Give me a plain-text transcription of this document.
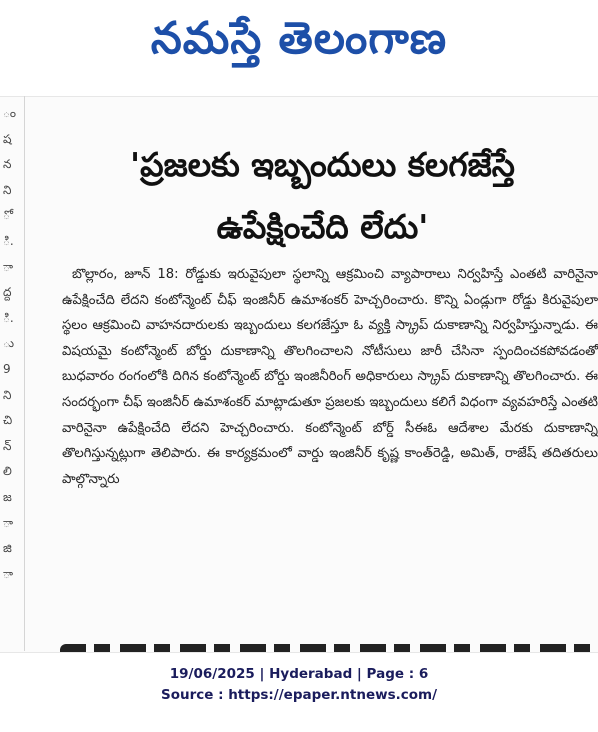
నమస్తే తెలంగాణ
ం
ష
న
ని
ో
ి.
ా
ద్ద
ి.
ు
9
ని
చి
న్
లి
జ
ా
జి
ా
'ప్రజలకు ఇబ్బందులు కలగజేస్తే
ఉపేక్షించేది లేదు'
బొల్లారం, జూన్ 18: రోడ్డుకు ఇరువైపులా స్థలాన్ని ఆక్రమించి వ్యాపారాలు నిర్వహిస్తే ఎంతటి వారినైనా ఉపేక్షించేది లేదని కంటోన్మెంట్ చీఫ్ ఇంజినీర్ ఉమాశంకర్ హెచ్చరించారు. కొన్ని ఏండ్లుగా రోడ్డు కిరువైపులా స్థలం ఆక్రమించి వాహనదారులకు ఇబ్బందులు కలగజేస్తూ ఓ వ్యక్తి స్క్రాప్ దుకాణాన్ని నిర్వహిస్తున్నాడు. ఈ విషయమై కంటోన్మెంట్ బోర్డు దుకాణాన్ని తొలగించాలని నోటీసులు జారీ చేసినా స్పందించకపోవడంతో బుధవారం రంగంలోకి దిగిన కంటోన్మెంట్ బోర్డు ఇంజినీరింగ్ అధికారులు స్క్రాప్ దుకాణాన్ని తొలగించారు. ఈ సందర్భంగా చీఫ్ ఇంజినీర్ ఉమాశంకర్ మాట్లాడుతూ ప్రజలకు ఇబ్బందులు కలిగే విధంగా వ్యవహరిస్తే ఎంతటి వారినైనా ఉపేక్షించేది లేదని హెచ్చరించారు. కంటోన్మెంట్ బోర్డ్ సీఈఓ ఆదేశాల మేరకు దుకాణాన్ని తొలగిస్తున్నట్లుగా తెలిపారు. ఈ కార్యక్రమంలో వార్డు ఇంజినీర్ కృష్ణ కాంత్‌రెడ్డి, అమిత్, రాజేష్ తదితరులు పాల్గొన్నారు
19/06/2025 | Hyderabad | Page : 6
Source : https://epaper.ntnews.com/
